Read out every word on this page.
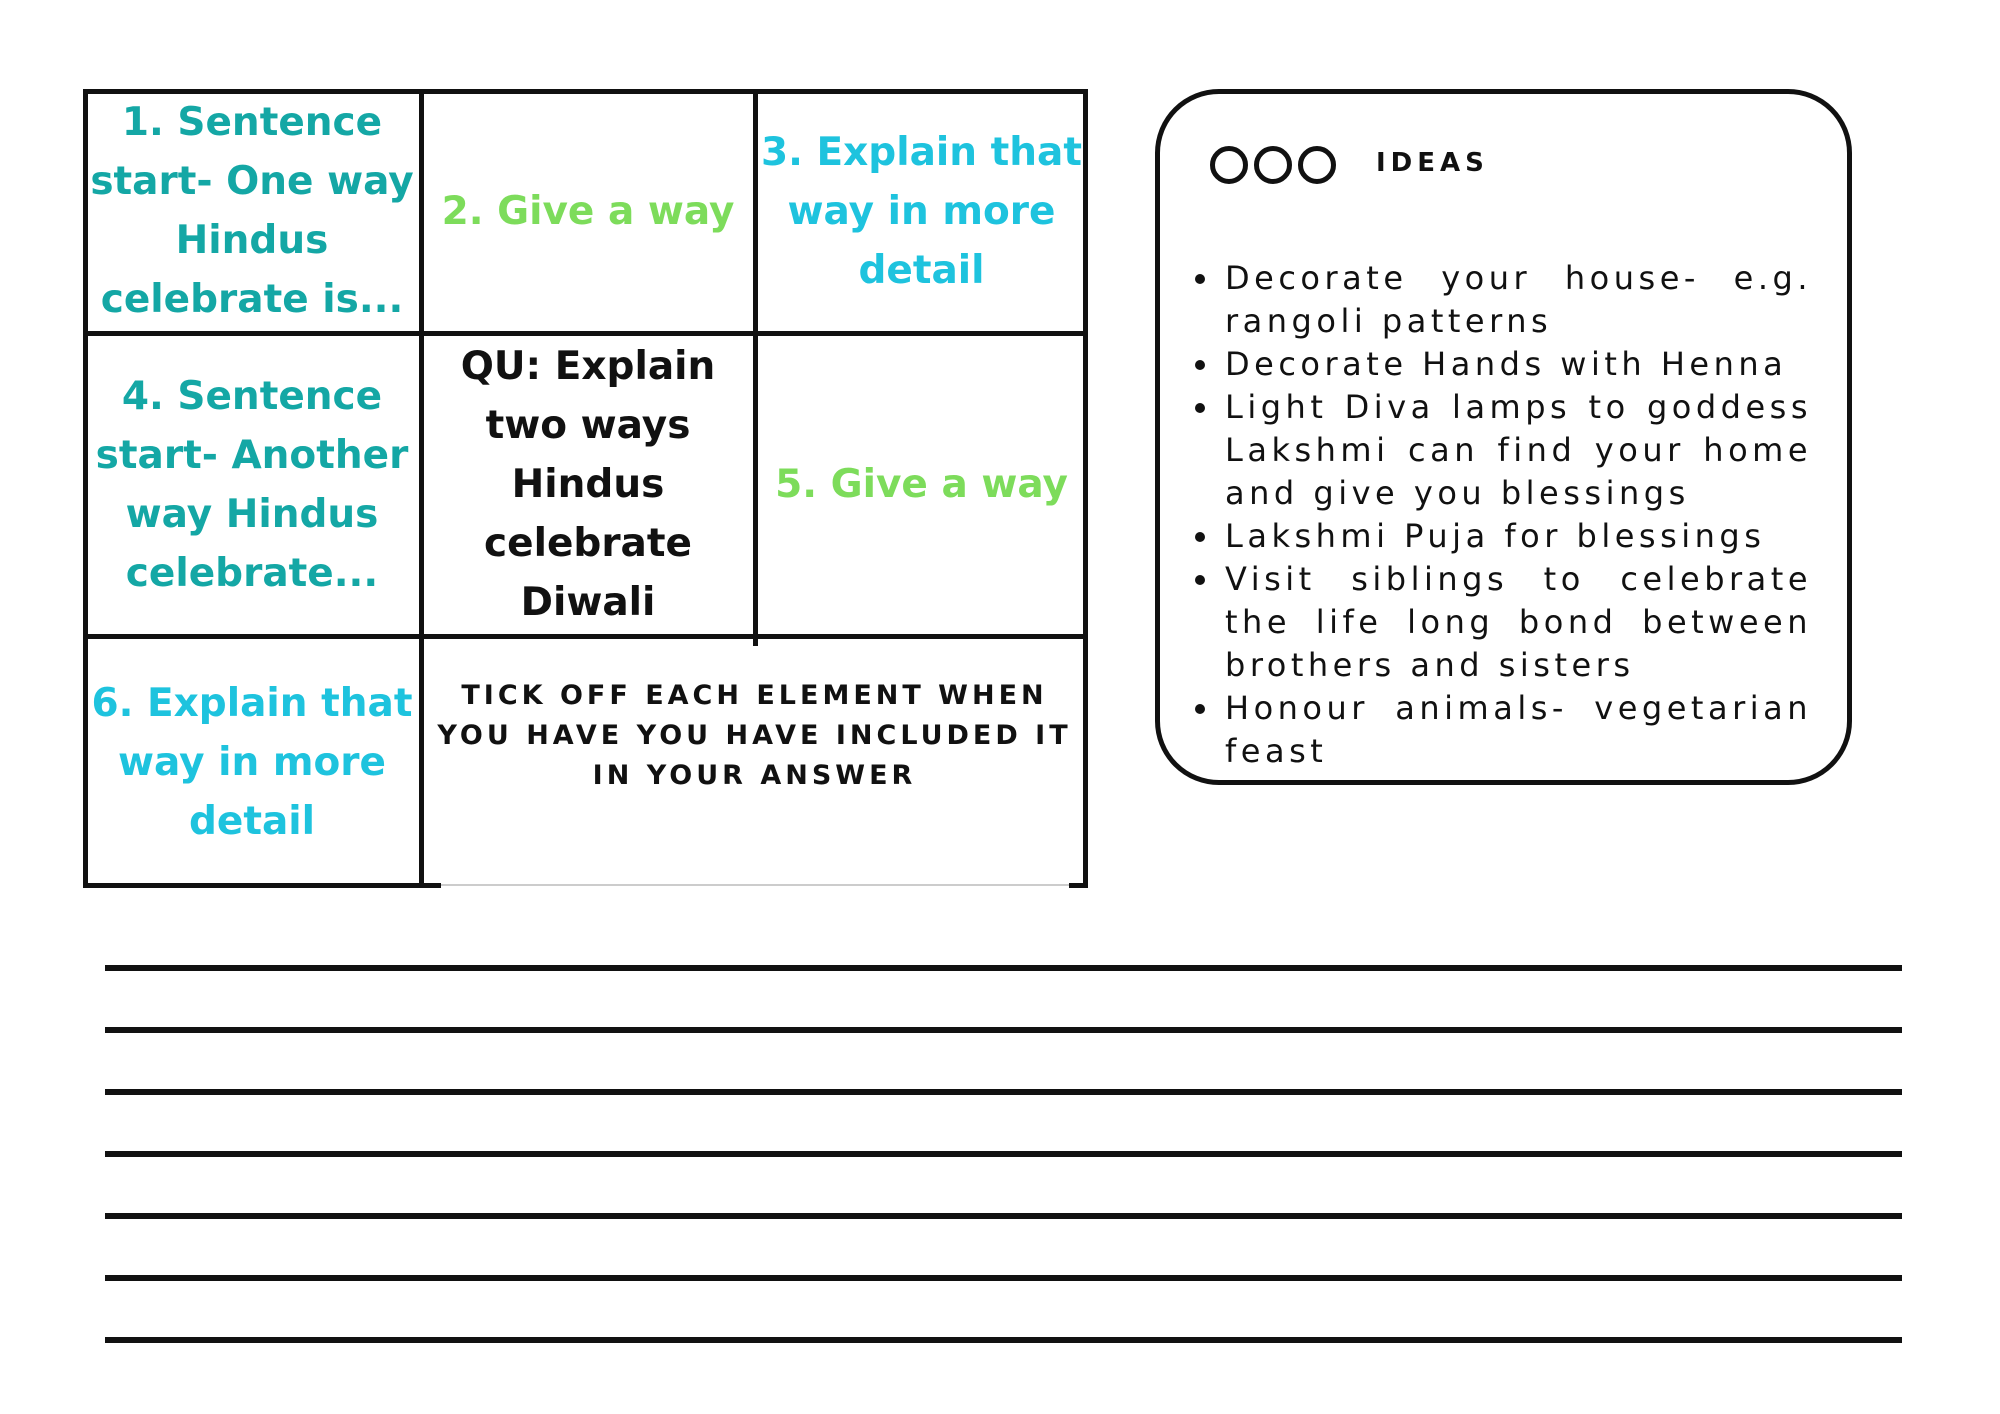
1. Sentence
start- One way
Hindus
celebrate is...
2. Give a way
3. Explain that
way in more
detail
4. Sentence
start- Another
way Hindus
celebrate...
QU: Explain
two ways
Hindus
celebrate
Diwali
5. Give a way
6. Explain that
way in more
detail
TICK OFF EACH ELEMENT WHEN
YOU HAVE YOU HAVE INCLUDED IT
IN YOUR ANSWER
IDEAS
Decorate your house- e.g. rangoli patterns
Decorate Hands with Henna
Light Diva lamps to goddess Lakshmi can find your home and give you blessings
Lakshmi Puja for blessings
Visit siblings to celebrate the life long bond between brothers and sisters
Honour animals- vegetarian feast
